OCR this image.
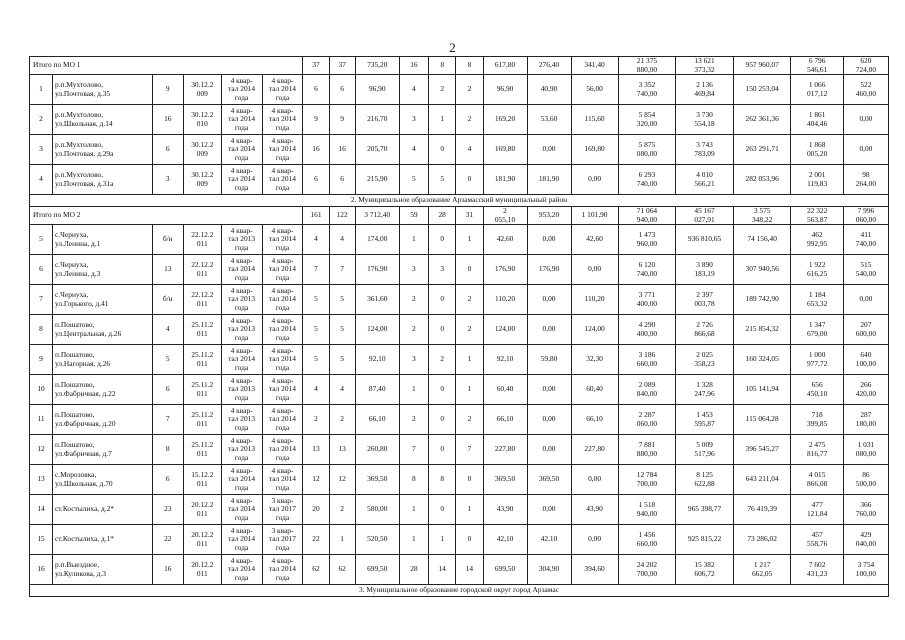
2
Итого по МО 1						37	37	735,20	16	8	8	617,80	276,40	341,40	21 375
880,00	13 621
373,32	957 960,07	6 796
546,61	620
724,00
1	р.п.Мухтолово,
ул.Почтовая, д.35	9	30.12.2
009	4 квар-
тал 2014
года	4 квар-
тал 2014
года	6	6	96,90	4	2	2	96,90	40,90	56,00	3 352
740,00	2 136
469,84	150 253,04	1 066
017,12	522
460,00
2	р.п.Мухтолово,
ул.Школьная, д.14	16	30.12.2
010	4 квар-
тал 2014
года	4 квар-
тал 2014
года	9	9	216,70	3	1	2	169,20	53,60	115,60	5 854
320,00	3 730
554,18	262 361,36	1 861
404,46	0,00
3	р.п.Мухтолово,
ул.Почтовая, д.29а	6	30.12.2
009	4 квар-
тал 2014
года	4 квар-
тал 2014
года	16	16	205,70	4	0	4	169,80	0,00	169,80	5 875
080,00	3 743
783,09	263 291,71	1 868
005,20	0,00
4	р.п.Мухтолово,
ул.Почтовая, д.31а	3	30.12.2
009	4 квар-
тал 2014
года	4 квар-
тал 2014
года	6	6	215,90	5	5	0	181,90	181,90	0,00	6 293
740,00	4 010
566,21	282 053,96	2 001
119,83	98
264,00
2. Муниципальное образование Арзамасский муниципальный район																			
Итого по МО 2						161	122	3 712,40	59	28	31	2
055,10	953,20	1 101,90	71 064
940,00	45 167
027,91	3 575
348,22	22 322
563,87	7 996
060,00
5	с.Чернуха,
ул.Ленина, д.1	б/н	22.12.2
011	4 квар-
тал 2013
года	4 квар-
тал 2014
года	4	4	174,00	1	0	1	42,60	0,00	42,60	1 473
960,00	936 810,65	74 156,40	462
992,95	411
740,00
6	с.Чернуха,
ул.Ленина, д.3	13	22.12.2
011	4 квар-
тал 2014
года	4 квар-
тал 2014
года	7	7	176,90	3	3	0	176,90	176,90	0,00	6 120
740,00	3 890
183,19	307 940,56	1 922
616,25	515
540,00
7	с.Чернуха,
ул.Горького, д.41	б/н	22.12.2
011	4 квар-
тал 2013
года	4 квар-
тал 2014
года	5	5	361,60	2	0	2	110,20	0,00	110,20	3 771
400,00	2 397
003,78	189 742,90	1 184
653,32	0,00
8	п.Пошатово,
ул.Центральная, д.26	4	25.11.2
011	4 квар-
тал 2013
года	4 квар-
тал 2014
года	5	5	124,00	2	0	2	124,00	0,00	124,00	4 290
400,00	2 726
866,68	215 854,32	1 347
679,00	207
600,00
9	п.Пошатово,
ул.Нагорная, д.26	5	25.11.2
011	4 квар-
тал 2014
года	4 квар-
тал 2014
года	5	5	92,10	3	2	1	92,10	59,80	32,30	3 186
660,00	2 025
358,23	160 324,05	1 000
977,72	640
100,00
10	п.Пошатово,
ул.Фабричная, д.22	6	25.11.2
011	4 квар-
тал 2013
года	4 квар-
тал 2014
года	4	4	87,40	1	0	1	60,40	0,00	60,40	2 089
840,00	1 328
247,96	105 141,94	656
450,10	266
420,00
11	п.Пошатово,
ул.Фабричная, д.20	7	25.11.2
011	4 квар-
тал 2013
года	4 квар-
тал 2014
года	2	2	66,10	2	0	2	66,10	0,00	66,10	2 287
060,00	1 453
595,87	115 064,28	718
399,85	287
180,00
12	п.Пошатово,
ул.Фабричная, д.7	8	25.11.2
011	4 квар-
тал 2013
года	4 квар-
тал 2014
года	13	13	260,80	7	0	7	227,80	0,00	227,80	7 881
880,00	5 009
517,96	396 545,27	2 475
816,77	1 031
080,00
13	с.Морозовка,
ул.Школьная, д.70	6	15.12.2
011	4 квар-
тал 2014
года	4 квар-
тал 2014
года	12	12	369,50	8	8	0	369,50	369,50	0,00	12 784
700,00	8 125
622,88	643 211,04	4 015
866,08	86
500,00
14	ст.Костылиха, д.2*	23	20.12.2
011	4 квар-
тал 2014
года	3 квар-
тал 2017
года	20	2	580,00	1	0	1	43,90	0,00	43,90	1 518
940,00	965 398,77	76 419,39	477
121,84	366
760,00
15	ст.Костылиха, д.1*	22	20.12.2
011	4 квар-
тал 2014
года	3 квар-
тал 2017
года	22	1	520,50	1	1	0	42,10	42,10	0,00	1 456
660,00	925 815,22	73 286,02	457
558,76	429
040,00
16	р.п.Выездное,
ул.Куликова, д.3	16	20.12.2
011	4 квар-
тал 2014
года	4 квар-
тал 2014
года	62	62	699,50	28	14	14	699,50	304,90	394,60	24 202
700,00	15 382
606,72	1 217
662,05	7 602
431,23	3 754
100,00
3. Муниципальное образование городской округ город Арзамас																			
